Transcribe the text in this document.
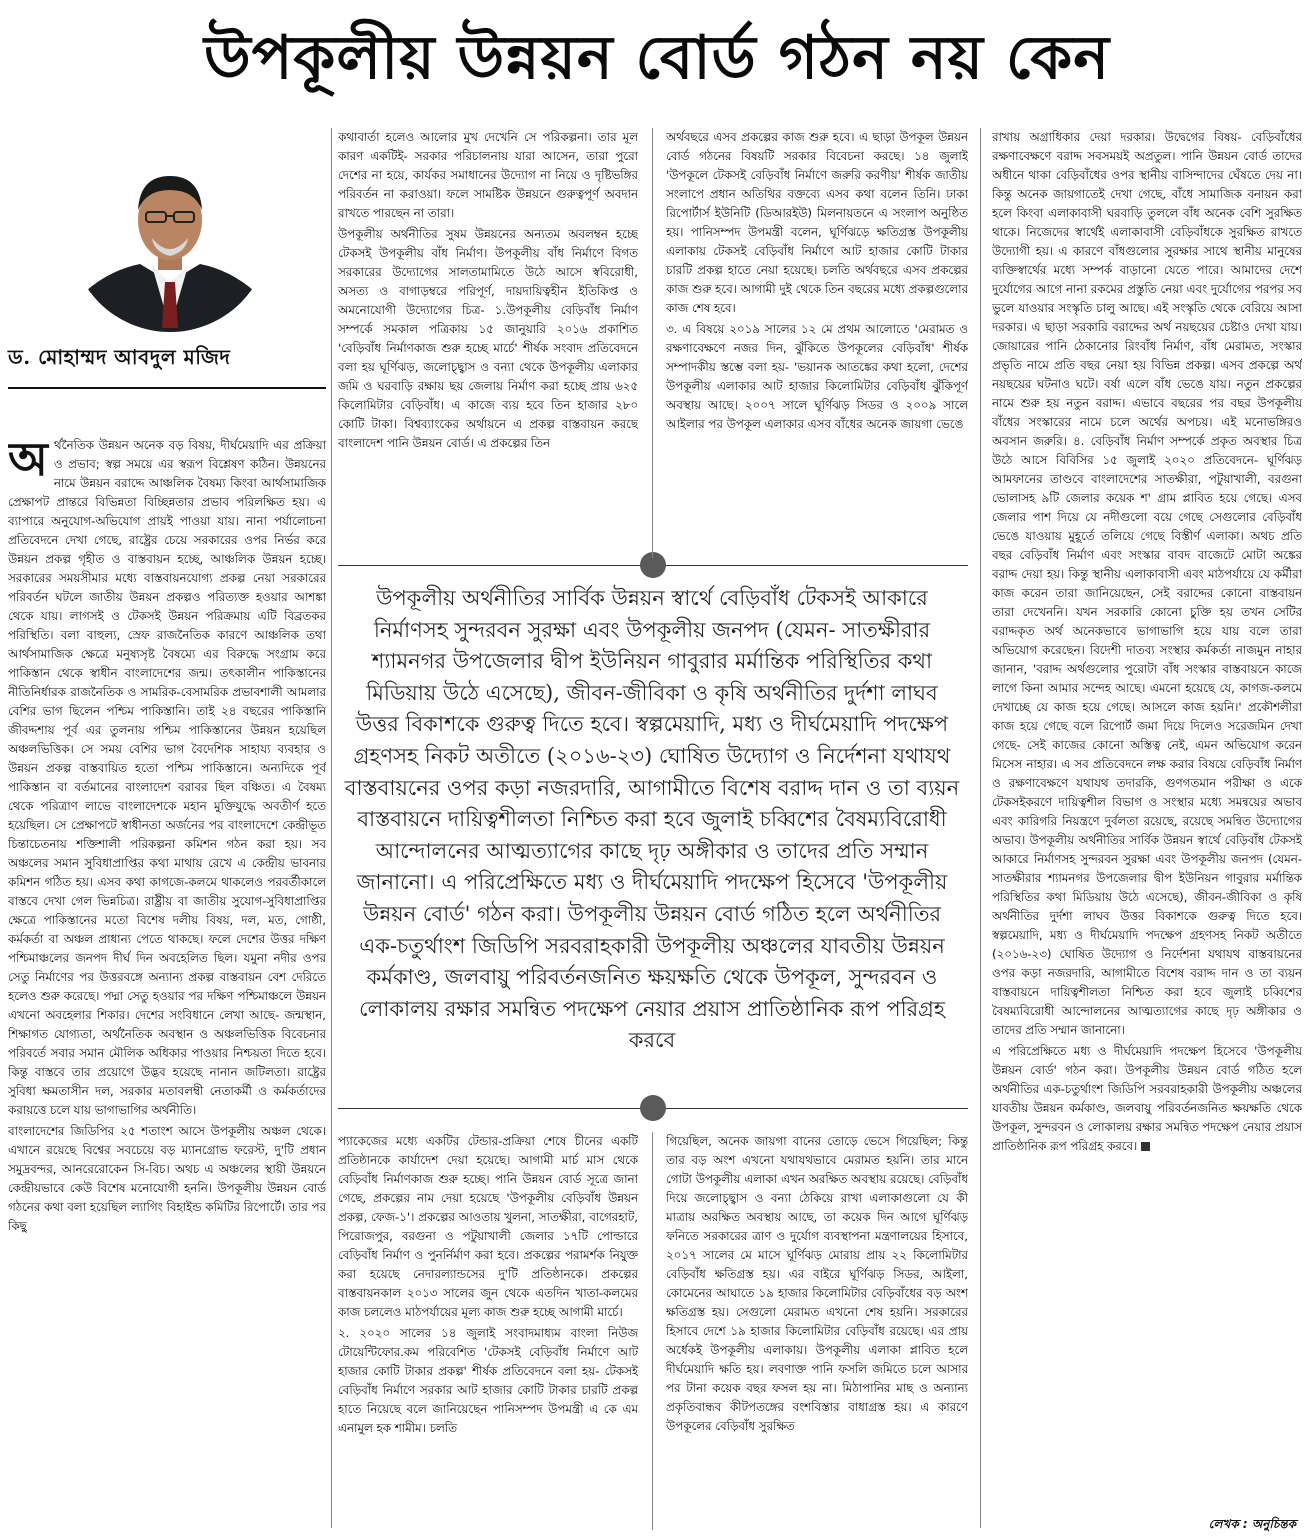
উপকূলীয় উন্নয়ন বোর্ড গঠন নয় কেন
ড. মোহাম্মদ আবদুল মজিদ

অর্থনৈতিক উন্নয়ন অনেক বড় বিষয়, দীর্ঘমেয়াদি এর প্রক্রিয়া ও প্রভাব; স্বল্প সময়ে এর স্বরূপ বিশ্লেষণ কঠিন। উন্নয়নের নামে উন্নয়ন বরাদ্দে আঞ্চলিক বৈষম্য কিংবা আর্থসামাজিক প্রেক্ষাপট প্রান্তরে বিভিন্নতা বিচ্ছিন্নতার প্রভাব পরিলক্ষিত হয়। এ ব্যাপারে অনুযোগ-অভিযোগ প্রায়ই পাওয়া যায়। নানা পর্যালোচনা প্রতিবেদনে দেখা গেছে, রাষ্ট্রের চেয়ে সরকারের ওপর নির্ভর করে উন্নয়ন প্রকল্প গৃহীত ও বাস্তবায়ন হচ্ছে, আঞ্চলিক উন্নয়ন হচ্ছে। সরকারের সময়সীমার মধ্যে বাস্তবায়নযোগ্য প্রকল্প নেয়া সরকারের পরিবর্তন ঘটলে জাতীয় উন্নয়ন প্রকল্পও পরিত্যক্ত হওয়ার আশঙ্কা থেকে যায়। লাগসই ও টেকসই উন্নয়ন পরিক্রমায় এটি বিব্রতকর পরিস্থিতি। বলা বাহুল্য, স্রেফ রাজনৈতিক কারণে আঞ্চলিক তথা আর্থসামাজিক ক্ষেত্রে মনুষ্যসৃষ্ট বৈষম্যে এর বিরুদ্ধে সংগ্রাম করে পাকিস্তান থেকে স্বাধীন বাংলাদেশের জন্ম। তৎকালীন পাকিস্তানের নীতিনির্ধারক রাজনৈতিক ও সামরিক-বেসামরিক প্রভাবশালী আমলার বেশির ভাগ ছিলেন পশ্চিম পাকিস্তানি। তাই ২৪ বছরের পাকিস্তানি জীবদ্দশায় পূর্ব এর তুলনায় পশ্চিম পাকিস্তানের উন্নয়ন হয়েছিল অঞ্চলভিত্তিক। সে সময় বেশির ভাগ বৈদেশিক সাহায্য ব্যবহার ও উন্নয়ন প্রকল্প বাস্তবায়িত হতো পশ্চিম পাকিস্তানে। অন্যদিকে পূর্ব পাকিস্তান বা বর্তমানের বাংলাদেশ বরাবর ছিল বঞ্চিত। এ বৈষম্য থেকে পরিত্রাণ লাভে বাংলাদেশকে মহান মুক্তিযুদ্ধে অবতীর্ণ হতে হয়েছিল। সে প্রেক্ষাপটে স্বাধীনতা অর্জনের পর বাংলাদেশে কেন্দ্রীভূত চিন্তাচেতনায় শক্তিশালী পরিকল্পনা কমিশন গঠন করা হয়। সব অঞ্চলের সমান সুবিধাপ্রাপ্তির কথা মাথায় রেখে এ কেন্দ্রীয় ভাবনার কমিশন গঠিত হয়। এসব কথা কাগজে-কলমে থাকলেও পরবর্তীকালে বাস্তবে দেখা গেল ভিন্নচিত্র। রাষ্ট্রীয় বা জাতীয় সুযোগ-সুবিধাপ্রাপ্তির ক্ষেত্রে পাকিস্তানের মতো বিশেষ দলীয় বিষয়, দল, মত, গোষ্ঠী, কর্মকর্তা বা অঞ্চল প্রাধান্য পেতে থাকছে। ফলে দেশের উত্তর দক্ষিণ পশ্চিমাঞ্চলের জনপদ দীর্ঘ দিন অবহেলিত ছিল। যমুনা নদীর ওপর সেতু নির্মাণের পর উত্তরবঙ্গে অন্যান্য প্রকল্প বাস্তবায়ন বেশ দেরিতে হলেও শুরু করেছে। পদ্মা সেতু হওয়ার পর দক্ষিণ পশ্চিমাঞ্চলে উন্নয়ন এখনো অবহেলার শিকার। দেশের সংবিধানে লেখা আছে- জন্মস্থান, শিক্ষাগত যোগ্যতা, অর্থনৈতিক অবস্থান ও অঞ্চলভিত্তিক বিবেচনার পরিবর্তে সবার সমান মৌলিক অধিকার পাওয়ার নিশ্চয়তা দিতে হবে। কিন্তু বাস্তবে তার প্রয়োগে উদ্ভব হয়েছে নানান জটিলতা। রাষ্ট্রের সুবিধা ক্ষমতাসীন দল, সরকার মতাবলম্বী নেতাকর্মী ও কর্মকর্তাদের করায়ত্তে চলে যায় ভাগাভাগির অর্থনীতি।

বাংলাদেশের জিডিপির ২৫ শতাংশ আসে উপকূলীয় অঞ্চল থেকে। এখানে রয়েছে বিশ্বের সবচেয়ে বড় ম্যানগ্রোভ ফরেস্ট, দু'টি প্রধান সমুদ্রবন্দর, আনরেরোকেন সি-বিচ। অথচ এ অঞ্চলের স্থায়ী উন্নয়নে কেন্দ্রীয়ভাবে কেউ বিশেষ মনোযোগী হননি। উপকূলীয় উন্নয়ন বোর্ড গঠনের কথা বলা হয়েছিল ল্যাগিং বিহাইন্ড কমিটির রিপোর্টে। তার পর কিছু

কথাবার্তা হলেও আলোর মুখ দেখেনি সে পরিকল্পনা। তার মূল কারণ একটিই- সরকার পরিচালনায় যারা আসেন, তারা পুরো দেশের না হয়ে, কার্যকর সমাধানের উদ্যোগ না নিয়ে ও দৃষ্টিভঙ্গির পরিবর্তন না করাওয়া। ফলে সামষ্টিক উন্নয়নে গুরুত্বপূর্ণ অবদান রাখতে পারছেন না তারা।

উপকূলীয় অর্থনীতির সুষম উন্নয়নের অন্যতম অবলম্বন হচ্ছে টেকসই উপকূলীয় বাঁধ নির্মাণ। উপকূলীয় বাঁধ নির্মাণে বিগত সরকারের উদ্যোগের সালতামামিতে উঠে আসে স্ববিরোধী, অসত্য ও বাগাড়ম্বরে পরিপূর্ণ, দায়দায়িত্বহীন ইতিকিপ্ত ও অমনোযোগী উদ্যোগের চিত্র- ১.উপকূলীয় বেড়িবাঁধ নির্মাণ সম্পর্কে সমকাল পত্রিকায় ১৫ জানুয়ারি ২০১৬ প্রকাশিত 'বেড়িবাঁধ নির্মাণকাজ শুরু হচ্ছে মার্চে' শীর্ষক সংবাদ প্রতিবেদনে বলা হয় ঘূর্ণিঝড়, জলোচ্ছ্বাস ও বন্যা থেকে উপকূলীয় এলাকার জমি ও ঘরবাড়ি রক্ষায় ছয় জেলায় নির্মাণ করা হচ্ছে প্রায় ৬২৫ কিলোমিটার বেড়িবাঁধ। এ কাজে ব্যয় হবে তিন হাজার ২৮০ কোটি টাকা। বিশ্বব্যাংকের অর্থায়নে এ প্রকল্প বাস্তবায়ন করছে বাংলাদেশ পানি উন্নয়ন বোর্ড। এ প্রকল্পের তিন

অর্থবছরে এসব প্রকল্পের কাজ শুরু হবে। এ ছাড়া উপকূল উন্নয়ন বোর্ড গঠনের বিষয়টি সরকার বিবেচনা করছে। ১৪ জুলাই 'উপকূলে টেকসই বেড়িবাঁধ নির্মাণে জরুরি করণীয়' শীর্ষক জাতীয় সংলাপে প্রধান অতিথির বক্তব্যে এসব কথা বলেন তিনি। ঢাকা রিপোর্টার্স ইউনিটি (ডিআরইউ) মিলনায়তনে এ সংলাপ অনুষ্ঠিত হয়। পানিসম্পদ উপমন্ত্রী বলেন, ঘূর্ণিঝড়ে ক্ষতিগ্রস্ত উপকূলীয় এলাকায় টেকসই বেড়িবাঁধ নির্মাণে আট হাজার কোটি টাকার চারটি প্রকল্প হাতে নেয়া হয়েছে। চলতি অর্থবছরে এসব প্রকল্পের কাজ শুরু হবে। আগামী দুই থেকে তিন বছরের মধ্যে প্রকল্পগুলোর কাজ শেষ হবে।

৩. এ বিষয়ে ২০১৯ সালের ১২ মে প্রথম আলোতে 'মেরামত ও রক্ষণাবেক্ষণে নজর দিন, ঝুঁকিতে উপকূলের বেড়িবাঁধ' শীর্ষক সম্পাদকীয় স্তম্ভে বলা হয়- 'ভয়ানক আতঙ্কের কথা হলো, দেশের উপকূলীয় এলাকার আট হাজার কিলোমিটার বেড়িবাঁধ ঝুঁকিপূর্ণ অবস্থায় আছে। ২০০৭ সালে ঘূর্ণিঝড় সিডর ও ২০০৯ সালে আইলার পর উপকূল এলাকার এসব বাঁধের অনেক জায়গা ভেঙে

উপকূলীয় অর্থনীতির সার্বিক উন্নয়ন স্বার্থে বেড়িবাঁধ টেকসই আকারে নির্মাণসহ সুন্দরবন সুরক্ষা এবং উপকূলীয় জনপদ (যেমন- সাতক্ষীরার শ্যামনগর উপজেলার দ্বীপ ইউনিয়ন গাবুরার মর্মান্তিক পরিস্থিতির কথা মিডিয়ায় উঠে এসেছে), জীবন-জীবিকা ও কৃষি অর্থনীতির দুর্দশা লাঘব উত্তর বিকাশকে গুরুত্ব দিতে হবে। স্বল্পমেয়াদি, মধ্য ও দীর্ঘমেয়াদি পদক্ষেপ গ্রহণসহ নিকট অতীতে (২০১৬-২৩) ঘোষিত উদ্যোগ ও নির্দেশনা যথাযথ বাস্তবায়নের ওপর কড়া নজরদারি, আগামীতে বিশেষ বরাদ্দ দান ও তা ব্যয়ন বাস্তবায়নে দায়িত্বশীলতা নিশ্চিত করা হবে জুলাই চব্বিশের বৈষম্যবিরোধী আন্দোলনের আত্মত্যাগের কাছে দৃঢ় অঙ্গীকার ও তাদের প্রতি সম্মান জানানো। এ পরিপ্রেক্ষিতে মধ্য ও দীর্ঘমেয়াদি পদক্ষেপ হিসেবে 'উপকূলীয় উন্নয়ন বোর্ড' গঠন করা। উপকূলীয় উন্নয়ন বোর্ড গঠিত হলে অর্থনীতির এক-চতুর্থাংশ জিডিপি সরবরাহকারী উপকূলীয় অঞ্চলের যাবতীয় উন্নয়ন কর্মকাণ্ড, জলবায়ু পরিবর্তনজনিত ক্ষয়ক্ষতি থেকে উপকূল, সুন্দরবন ও লোকালয় রক্ষার সমন্বিত পদক্ষেপ নেয়ার প্রয়াস প্রাতিষ্ঠানিক রূপ পরিগ্রহ করবে

প্যাকেজের মধ্যে একটির টেন্ডার-প্রক্রিয়া শেষে চীনের একটি প্রতিষ্ঠানকে কার্যাদেশ দেয়া হয়েছে। আগামী মার্চ মাস থেকে বেড়িবাঁধ নির্মাণকাজ শুরু হচ্ছে। পানি উন্নয়ন বোর্ড সূত্রে জানা গেছে, প্রকল্পের নাম দেয়া হয়েছে 'উপকূলীয় বেড়িবাঁধ উন্নয়ন প্রকল্প, ফেজ-১'। প্রকল্পের আওতায় খুলনা, সাতক্ষীরা, বাগেরহাট, পিরোজপুর, বরগুনা ও পটুয়াখালী জেলার ১৭টি পোল্ডারে বেড়িবাঁধ নির্মাণ ও পুনর্নির্মাণ করা হবে। প্রকল্পের পরামর্শক নিযুক্ত করা হয়েছে নেদারল্যান্ডসের দু'টি প্রতিষ্ঠানকে। প্রকল্পের বাস্তবায়নকাল ২০১৩ সালের জুন থেকে এতদিন খাতা-কলমের কাজ চললেও মাঠপর্যায়ের মূল্য কাজ শুরু হচ্ছে আগামী মার্চে।

২. ২০২০ সালের ১৪ জুলাই সংবাদমাধ্যম বাংলা নিউজ টোয়েন্টিফোর.কম পরিবেশিত 'টেকসই বেড়িবাঁধ নির্মাণে আট হাজার কোটি টাকার প্রকল্প' শীর্ষক প্রতিবেদনে বলা হয়- টেকসই বেড়িবাঁধ নির্মাণে সরকার আট হাজার কোটি টাকার চারটি প্রকল্প হাতে নিয়েছে বলে জানিয়েছেন পানিসম্পদ উপমন্ত্রী এ কে এম এনামুল হক শামীম। চলতি

গিয়েছিল, অনেক জায়গা বানের তোড়ে ভেসে গিয়েছিল; কিন্তু তার বড় অংশ এখনো যথাযথভাবে মেরামত হয়নি। তার মানে গোটা উপকূলীয় এলাকা এখন অরক্ষিত অবস্থায় রয়েছে। বেড়িবাঁধ দিয়ে জলোচ্ছ্বাস ও বন্যা ঠেকিয়ে রাখা এলাকাগুলো যে কী মাত্রায় অরক্ষিত অবস্থায় আছে, তা কয়েক দিন আগে ঘূর্ণিঝড় ফনিতে সরকারের ত্রাণ ও দুর্যোগ ব্যবস্থাপনা মন্ত্রণালয়ের হিসাবে, ২০১৭ সালের মে মাসে ঘূর্ণিঝড় মোরায় প্রায় ২২ কিলোমিটার বেড়িবাঁধ ক্ষতিগ্রস্ত হয়। এর বাইরে ঘূর্ণিঝড় সিডর, আইলা, কোমেনের আঘাতে ১৯ হাজার কিলোমিটার বেড়িবাঁধের বড় অংশ ক্ষতিগ্রস্ত হয়। সেগুলো মেরামত এখনো শেষ হয়নি। সরকারের হিসাবে দেশে ১৯ হাজার কিলোমিটার বেড়িবাঁধ রয়েছে। এর প্রায় অর্ধেকই উপকূলীয় এলাকায়। উপকূলীয় এলাকা প্লাবিত হলে দীর্ঘমেয়াদি ক্ষতি হয়। লবণাক্ত পানি ফসলি জমিতে চলে আসার পর টানা কয়েক বছর ফসল হয় না। মিঠাপানির মাছ ও অন্যান্য প্রকৃতিবান্ধব কীটপতঙ্গের বংশবিস্তার বাধাগ্রস্ত হয়। এ কারণে উপকূলের বেড়িবাঁধ সুরক্ষিত

রাখায় অগ্রাধিকার দেয়া দরকার। উদ্বেগের বিষয়- বেড়িবাঁধের রক্ষণাবেক্ষণে বরাদ্দ সবসময়ই অপ্রতুল। পানি উন্নয়ন বোর্ড তাদের অধীনে থাকা বেড়িবাঁধের ওপর স্থানীয় বাসিন্দাদের ঘেঁষতে দেয় না। কিন্তু অনেক জায়গাতেই দেখা গেছে, বাঁধে সামাজিক বনায়ন করা হলে কিংবা এলাকাবাসী ঘরবাড়ি তুললে বাঁধ অনেক বেশি সুরক্ষিত থাকে। নিজেদের স্বার্থেই এলাকাবাসী বেড়িবাঁধকে সুরক্ষিত রাখতে উদ্যোগী হয়। এ কারণে বাঁধগুলোর সুরক্ষার সাথে স্থানীয় মানুষের ব্যক্তিস্বার্থের মধ্যে সম্পর্ক বাড়ানো যেতে পারে। আমাদের দেশে দুর্যোগের আগে নানা রকমের প্রস্তুতি নেয়া এবং দুর্যোগের পরপর সব ভুলে যাওয়ার সংস্কৃতি চালু আছে। এই সংস্কৃতি থেকে বেরিয়ে আসা দরকার। এ ছাড়া সরকারি বরাদ্দের অর্থ নয়ছয়ের চেষ্টাও দেখা যায়। জোয়ারের পানি ঠেকানোর রিংবাঁধ নির্মাণ, বাঁধ মেরামত, সংস্কার প্রভৃতি নামে প্রতি বছর নেয়া হয় বিভিন্ন প্রকল্প। এসব প্রকল্পে অর্থ নয়ছয়ের ঘটনাও ঘটে। বর্ষা এলে বাঁধ ভেঙে যায়। নতুন প্রকল্পের নামে শুরু হয় নতুন বরাদ্দ। এভাবে বছরের পর বছর উপকূলীয় বাঁধের সংস্কারের নামে চলে অর্থের অপচয়। এই মনোভঙ্গিরও অবসান জরুরি। ৪. বেড়িবাঁধ নির্মাণ সম্পর্কে প্রকৃত অবস্থার চিত্র উঠে আসে বিবিসির ১৫ জুলাই ২০২০ প্রতিবেদনে- ঘূর্ণিঝড় আমফানের তাণ্ডবে বাংলাদেশের সাতক্ষীরা, পটুয়াখালী, বরগুনা ভোলাসহ ৯টি জেলার কয়েক শ' গ্রাম প্লাবিত হয়ে গেছে। এসব জেলার পাশ দিয়ে যে নদীগুলো বয়ে গেছে সেগুলোর বেড়িবাঁধ ভেঙে যাওয়ায় মুহূর্তে তলিয়ে গেছে বিস্তীর্ণ এলাকা। অথচ প্রতি বছর বেড়িবাঁধ নির্মাণ এবং সংস্কার বাবদ বাজেটে মোটা অঙ্কের বরাদ্দ দেয়া হয়। কিন্তু স্থানীয় এলাকাবাসী এবং মাঠপর্যায়ে যে কর্মীরা কাজ করেন তারা জানিয়েছেন, সেই বরাদ্দের কোনো বাস্তবায়ন তারা দেখেননি। যখন সরকারি কোনো চুক্তি হয় তখন সেটির বরাদ্দকৃত অর্থ অনেকভাবে ভাগাভাগি হয়ে যায় বলে তারা অভিযোগ করেছেন। বিদেশী দাতব্য সংস্থার কর্মকর্তা নাজমুন নাহার জানান, 'বরাদ্দ অর্থগুলোর পুরোটা বাঁধ সংস্কার বাস্তবায়নে কাজে লাগে কিনা আমার সন্দেহ আছে। এমনো হয়েছে যে, কাগজ-কলমে দেখাচ্ছে যে কাজ হয়ে গেছে। আসলে কাজ হয়নি।' প্রকৌশলীরা কাজ হয়ে গেছে বলে রিপোর্ট জমা দিয়ে দিলেও সরেজমিন দেখা গেছে- সেই কাজের কোনো অস্তিত্ব নেই, এমন অভিযোগ করেন মিসেস নাহার। এ সব প্রতিবেদনে লক্ষ করার বিষয়ে বেড়িবাঁধ নির্মাণ ও রক্ষণাবেক্ষণে যথাযথ তদারকি, গুণগতমান পরীক্ষা ও একে টেকসইকরণে দায়িত্বশীল বিভাগ ও সংস্থার মধ্যে সমন্বয়ের অভাব এবং কারিগরি নিয়ন্ত্রণে দুর্বলতা রয়েছে, রয়েছে সমন্বিত উদ্যোগের অভাব। উপকূলীয় অর্থনীতির সার্বিক উন্নয়ন স্বার্থে বেড়িবাঁধ টেকসই আকারে নির্মাণসহ সুন্দরবন সুরক্ষা এবং উপকূলীয় জনপদ (যেমন- সাতক্ষীরার শ্যামনগর উপজেলার দ্বীপ ইউনিয়ন গাবুরার মর্মান্তিক পরিস্থিতির কথা মিডিয়ায় উঠে এসেছে), জীবন-জীবিকা ও কৃষি অর্থনীতির দুর্দশা লাঘব উত্তর বিকাশকে গুরুত্ব দিতে হবে। স্বল্পমেয়াদি, মধ্য ও দীর্ঘমেয়াদি পদক্ষেপ গ্রহণসহ নিকট অতীতে (২০১৬-২৩) ঘোষিত উদ্যোগ ও নির্দেশনা যথাযথ বাস্তবায়নের ওপর কড়া নজরদারি, আগামীতে বিশেষ বরাদ্দ দান ও তা ব্যয়ন বাস্তবায়নে দায়িত্বশীলতা নিশ্চিত করা হবে জুলাই চব্বিশের বৈষম্যবিরোধী আন্দোলনের আত্মত্যাগের কাছে দৃঢ় অঙ্গীকার ও তাদের প্রতি সম্মান জানানো।

এ পরিপ্রেক্ষিতে মধ্য ও দীর্ঘমেয়াদি পদক্ষেপ হিসেবে 'উপকূলীয় উন্নয়ন বোর্ড' গঠন করা। উপকূলীয় উন্নয়ন বোর্ড গঠিত হলে অর্থনীতির এক-চতুর্থাংশ জিডিপি সরবরাহকারী উপকূলীয় অঞ্চলের যাবতীয় উন্নয়ন কর্মকাণ্ড, জলবায়ু পরিবর্তনজনিত ক্ষয়ক্ষতি থেকে উপকূল, সুন্দরবন ও লোকালয় রক্ষার সমন্বিত পদক্ষেপ নেয়ার প্রয়াস প্রাতিষ্ঠানিক রূপ পরিগ্রহ করবে।

লেখক : অনুচিন্তক
